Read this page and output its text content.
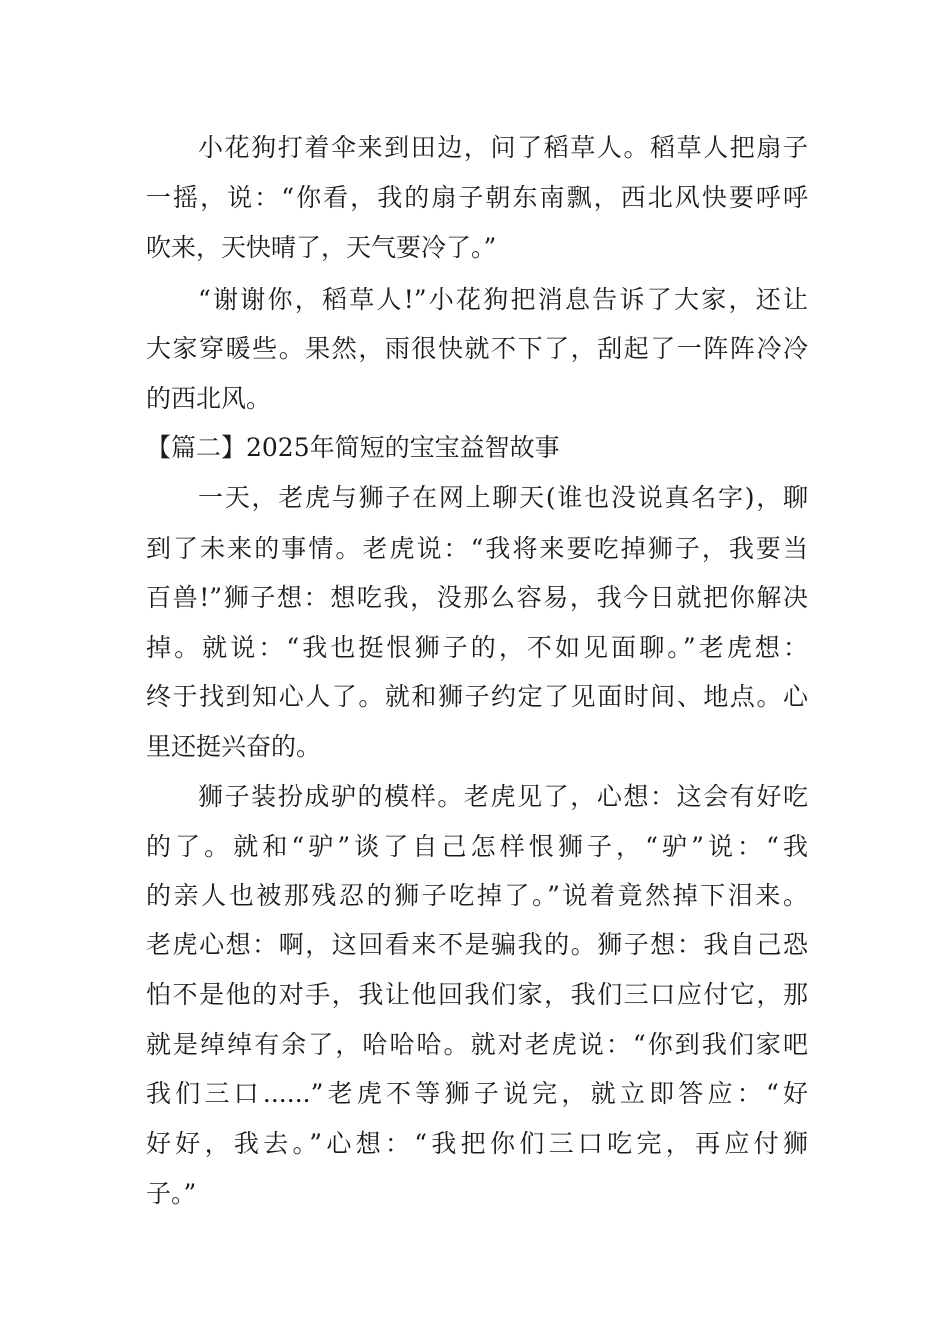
小花狗打着伞来到田边，问了稻草人。稻草人把扇子
一摇，说：“你看，我的扇子朝东南飘，西北风快要呼呼
吹来，天快晴了，天气要冷了。”
“谢谢你，稻草人!”小花狗把消息告诉了大家，还让
大家穿暖些。果然，雨很快就不下了，刮起了一阵阵冷冷
的西北风。
【篇二】2025年简短的宝宝益智故事
一天，老虎与狮子在网上聊天(谁也没说真名字)，聊
到了未来的事情。老虎说：“我将来要吃掉狮子，我要当
百兽!”狮子想：想吃我，没那么容易，我今日就把你解决
掉。就说：“我也挺恨狮子的，不如见面聊。”老虎想：
终于找到知心人了。就和狮子约定了见面时间、地点。心
里还挺兴奋的。
狮子装扮成驴的模样。老虎见了，心想：这会有好吃
的了。就和“驴”谈了自己怎样恨狮子，“驴”说：“我
的亲人也被那残忍的狮子吃掉了。”说着竟然掉下泪来。
老虎心想：啊，这回看来不是骗我的。狮子想：我自己恐
怕不是他的对手，我让他回我们家，我们三口应付它，那
就是绰绰有余了，哈哈哈。就对老虎说：“你到我们家吧
我们三口......”老虎不等狮子说完，就立即答应：“好
好好，我去。”心想：“我把你们三口吃完，再应付狮
子。”
